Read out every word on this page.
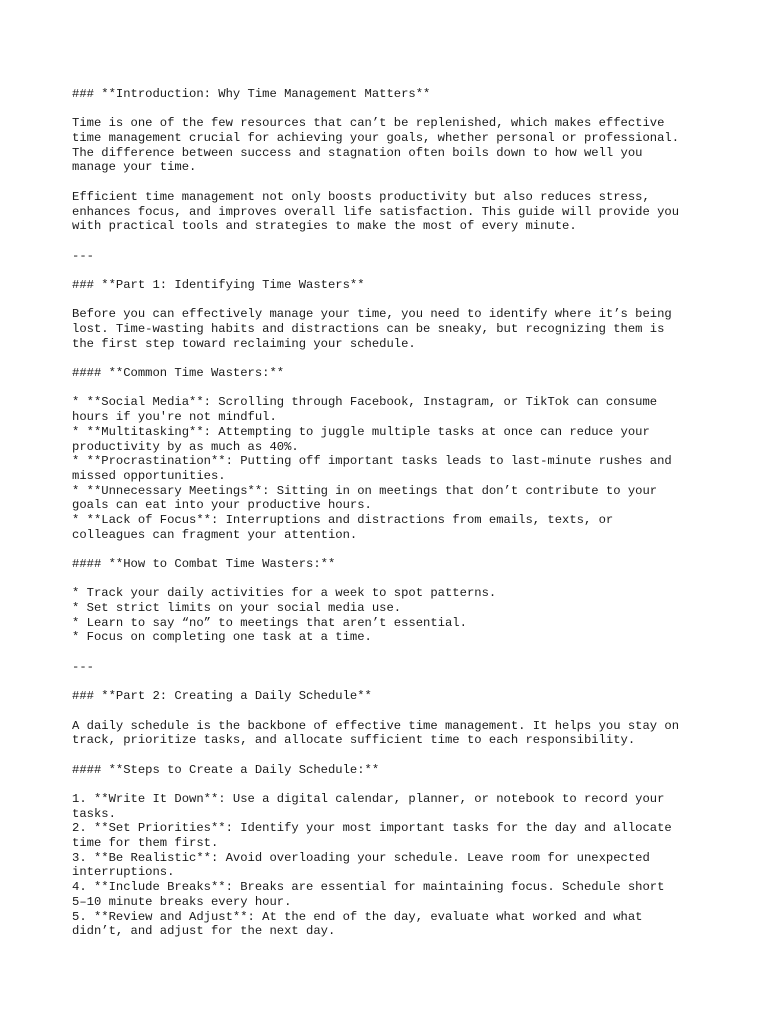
### **Introduction: Why Time Management Matters**
Time is one of the few resources that can’t be replenished, which makes effective
time management crucial for achieving your goals, whether personal or professional.
The difference between success and stagnation often boils down to how well you
manage your time.
Efficient time management not only boosts productivity but also reduces stress,
enhances focus, and improves overall life satisfaction. This guide will provide you
with practical tools and strategies to make the most of every minute.
---
### **Part 1: Identifying Time Wasters**
Before you can effectively manage your time, you need to identify where it’s being
lost. Time-wasting habits and distractions can be sneaky, but recognizing them is
the first step toward reclaiming your schedule.
#### **Common Time Wasters:**
* **Social Media**: Scrolling through Facebook, Instagram, or TikTok can consume
hours if you're not mindful.
* **Multitasking**: Attempting to juggle multiple tasks at once can reduce your
productivity by as much as 40%.
* **Procrastination**: Putting off important tasks leads to last-minute rushes and
missed opportunities.
* **Unnecessary Meetings**: Sitting in on meetings that don’t contribute to your
goals can eat into your productive hours.
* **Lack of Focus**: Interruptions and distractions from emails, texts, or
colleagues can fragment your attention.
#### **How to Combat Time Wasters:**
* Track your daily activities for a week to spot patterns.
* Set strict limits on your social media use.
* Learn to say “no” to meetings that aren’t essential.
* Focus on completing one task at a time.
---
### **Part 2: Creating a Daily Schedule**
A daily schedule is the backbone of effective time management. It helps you stay on
track, prioritize tasks, and allocate sufficient time to each responsibility.
#### **Steps to Create a Daily Schedule:**
1. **Write It Down**: Use a digital calendar, planner, or notebook to record your
tasks.
2. **Set Priorities**: Identify your most important tasks for the day and allocate
time for them first.
3. **Be Realistic**: Avoid overloading your schedule. Leave room for unexpected
interruptions.
4. **Include Breaks**: Breaks are essential for maintaining focus. Schedule short
5–10 minute breaks every hour.
5. **Review and Adjust**: At the end of the day, evaluate what worked and what
didn’t, and adjust for the next day.
